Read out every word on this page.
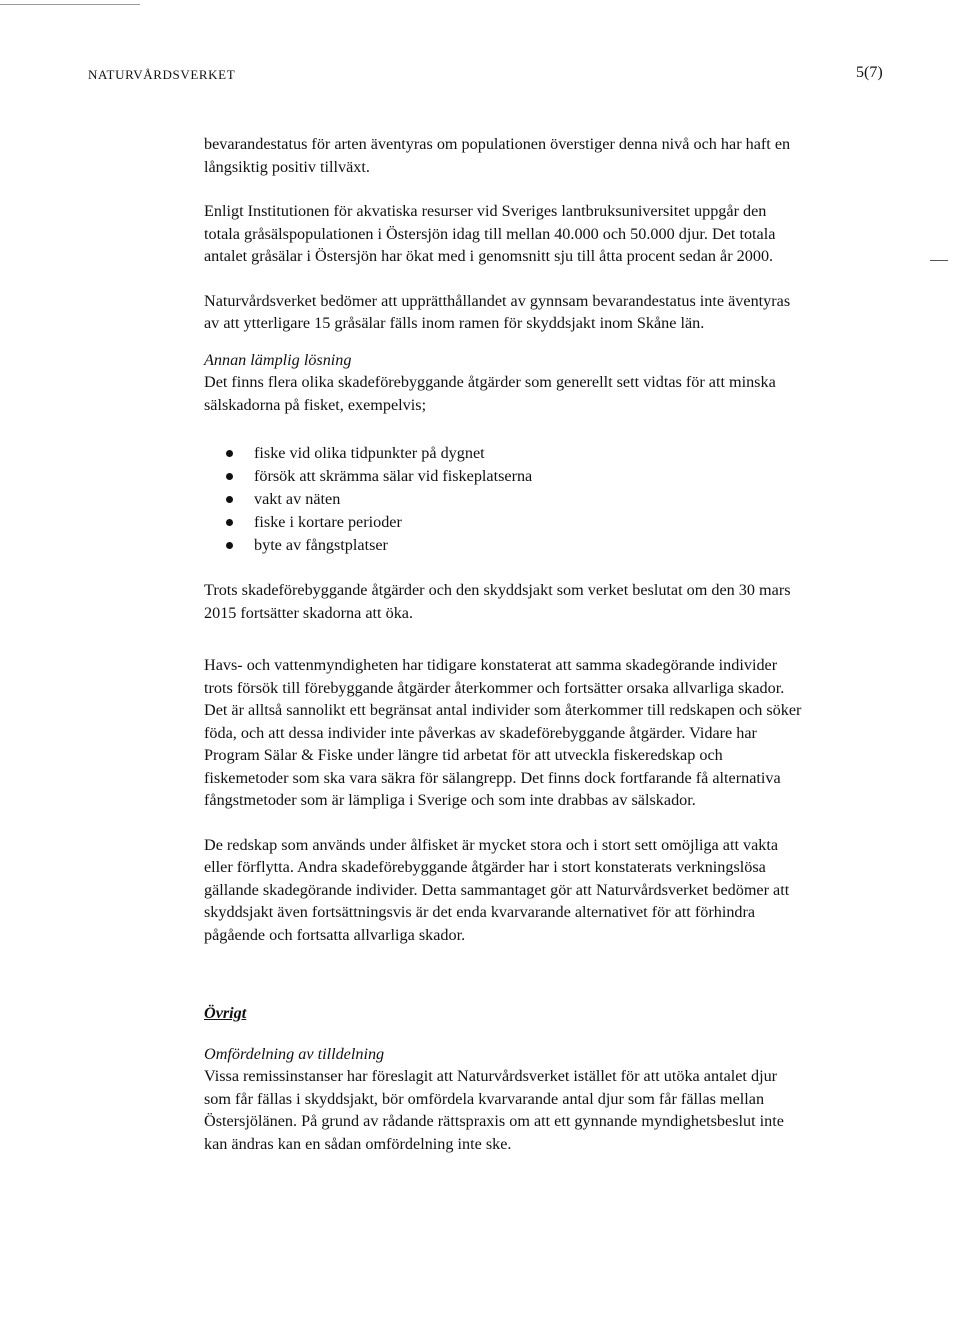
NATURVÅRDSVERKET	5(7)

bevarandestatus för arten äventyras om populationen överstiger denna nivå och har haft en långsiktig positiv tillväxt.

Enligt Institutionen för akvatiska resurser vid Sveriges lantbruksuniversitet uppgår den totala gråsälspopulationen i Östersjön idag till mellan 40.000 och 50.000 djur. Det totala antalet gråsälar i Östersjön har ökat med i genomsnitt sju till åtta procent sedan år 2000.

Naturvårdsverket bedömer att upprätthållandet av gynnsam bevarandestatus inte äventyras av att ytterligare 15 gråsälar fälls inom ramen för skyddsjakt inom Skåne län.

Annan lämplig lösning

Det finns flera olika skadeförebyggande åtgärder som generellt sett vidtas för att minska sälskadorna på fisket, exempelvis;

fiske vid olika tidpunkter på dygnet
försök att skrämma sälar vid fiskeplatserna
vakt av näten
fiske i kortare perioder
byte av fångstplatser

Trots skadeförebyggande åtgärder och den skyddsjakt som verket beslutat om den 30 mars 2015 fortsätter skadorna att öka.

Havs- och vattenmyndigheten har tidigare konstaterat att samma skadegörande individer trots försök till förebyggande åtgärder återkommer och fortsätter orsaka allvarliga skador. Det är alltså sannolikt ett begränsat antal individer som återkommer till redskapen och söker föda, och att dessa individer inte påverkas av skadeförebyggande åtgärder. Vidare har Program Sälar & Fiske under längre tid arbetat för att utveckla fiskeredskap och fiskemetoder som ska vara säkra för sälangrepp. Det finns dock fortfarande få alternativa fångstmetoder som är lämpliga i Sverige och som inte drabbas av sälskador.

De redskap som används under ålfisket är mycket stora och i stort sett omöjliga att vakta eller förflytta. Andra skadeförebyggande åtgärder har i stort konstaterats verkningslösa gällande skadegörande individer. Detta sammantaget gör att Naturvårdsverket bedömer att skyddsjakt även fortsättningsvis är det enda kvarvarande alternativet för att förhindra pågående och fortsatta allvarliga skador.

Övrigt

Omfördelning av tilldelning

Vissa remissinstanser har föreslagit att Naturvårdsverket istället för att utöka antalet djur som får fällas i skyddsjakt, bör omfördela kvarvarande antal djur som får fällas mellan Östersjölänen. På grund av rådande rättspraxis om att ett gynnande myndighetsbeslut inte kan ändras kan en sådan omfördelning inte ske.
